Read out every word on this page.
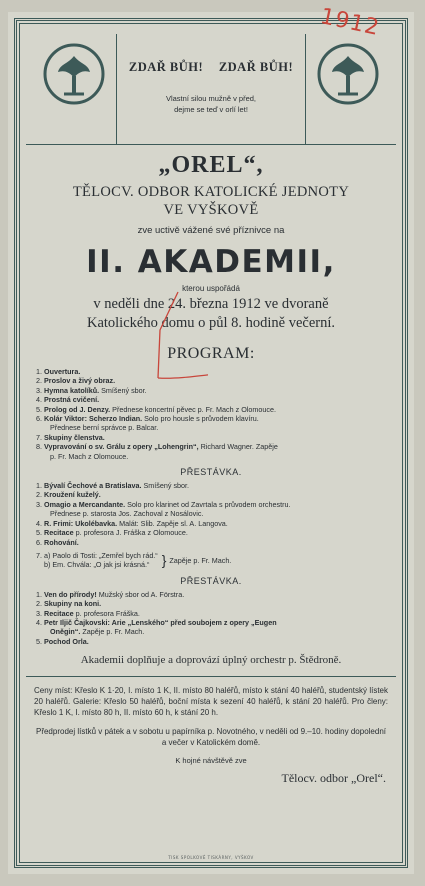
1912
ZDAŘ BŮH! ZDAŘ BŮH!
Vlastní silou mužně v před,
dejme se teď v orlí let!
„OREL“,
TĚLOCV. ODBOR KATOLICKÉ JEDNOTY
VE VYŠKOVĚ
zve uctivě vážené své příznivce na
II. AKADEMII,
kterou uspořádá
v neděli dne 24. března 1912 ve dvoraně
Katolického domu o půl 8. hodině večerní.
PROGRAM:
1. Ouvertura.
2. Proslov a živý obraz.
3. Hymna katolíků. Smíšený sbor.
4. Prostná cvičení.
5. Prolog od J. Denzy. Přednese koncertní pěvec p. Fr. Mach z Olomouce.
6. Kolár Viktor: Scherzo Indian. Solo pro housle s průvodem klavíru.
Přednese berní správce p. Balcar.
7. Skupiny členstva.
8. Vypravování o sv. Grálu z opery „Lohengrin“, Richard Wagner. Zapěje
p. Fr. Mach z Olomouce.
PŘESTÁVKA.
1. Bývalí Čechové a Bratislava. Smíšený sbor.
2. Kroužení kuželý.
3. Omagio a Mercandante. Solo pro klarinet od Zavrtala s průvodem orchestru.
Přednese p. starosta Jos. Zachoval z Nosálovic.
4. R. Frimi: Ukolébavka. Malát: Slib. Zapěje sl. A. Langova.
5. Recitace p. profesora J. Fráška z Olomouce.
6. Rohování.
7. a) Paolo di Tosti: „Zemřel bych rád.“
b) Em. Chvála: „O jak jsi krásná.“ } Zapěje p. Fr. Mach.
PŘESTÁVKA.
1. Ven do přírody! Mužský sbor od A. Förstra.
2. Skupiny na koni.
3. Recitace p. profesora Fráška.
4. Petr Iljič Čajkovski: Arie „Lenského“ před soubojem z opery „Eugen
Oněgin“. Zapěje p. Fr. Mach.
5. Pochod Orla.
Akademii doplňuje a doprovází úplný orchestr p. Štědroně.
Ceny míst: Křeslo K 1·20, I. místo 1 K, II. místo 80 haléřů, místo k stání 40 haléřů, studentský lístek 20 haléřů. Galerie: Křeslo 50 haléřů, boční místa k sezení 40 haléřů, k stání 20 haléřů. Pro členy: Křeslo 1 K, I. místo 80 h, II. místo 60 h, k stání 20 h.
Předprodej lístků v pátek a v sobotu u papírníka p. Novotného, v neděli od 9.–10. hodiny dopolední a večer v Katolickém domě.
K hojné návštěvě zve
Tělocv. odbor „Orel“.
TISK SPOLKOVÉ TISKÁRNY, VYŠKOV
